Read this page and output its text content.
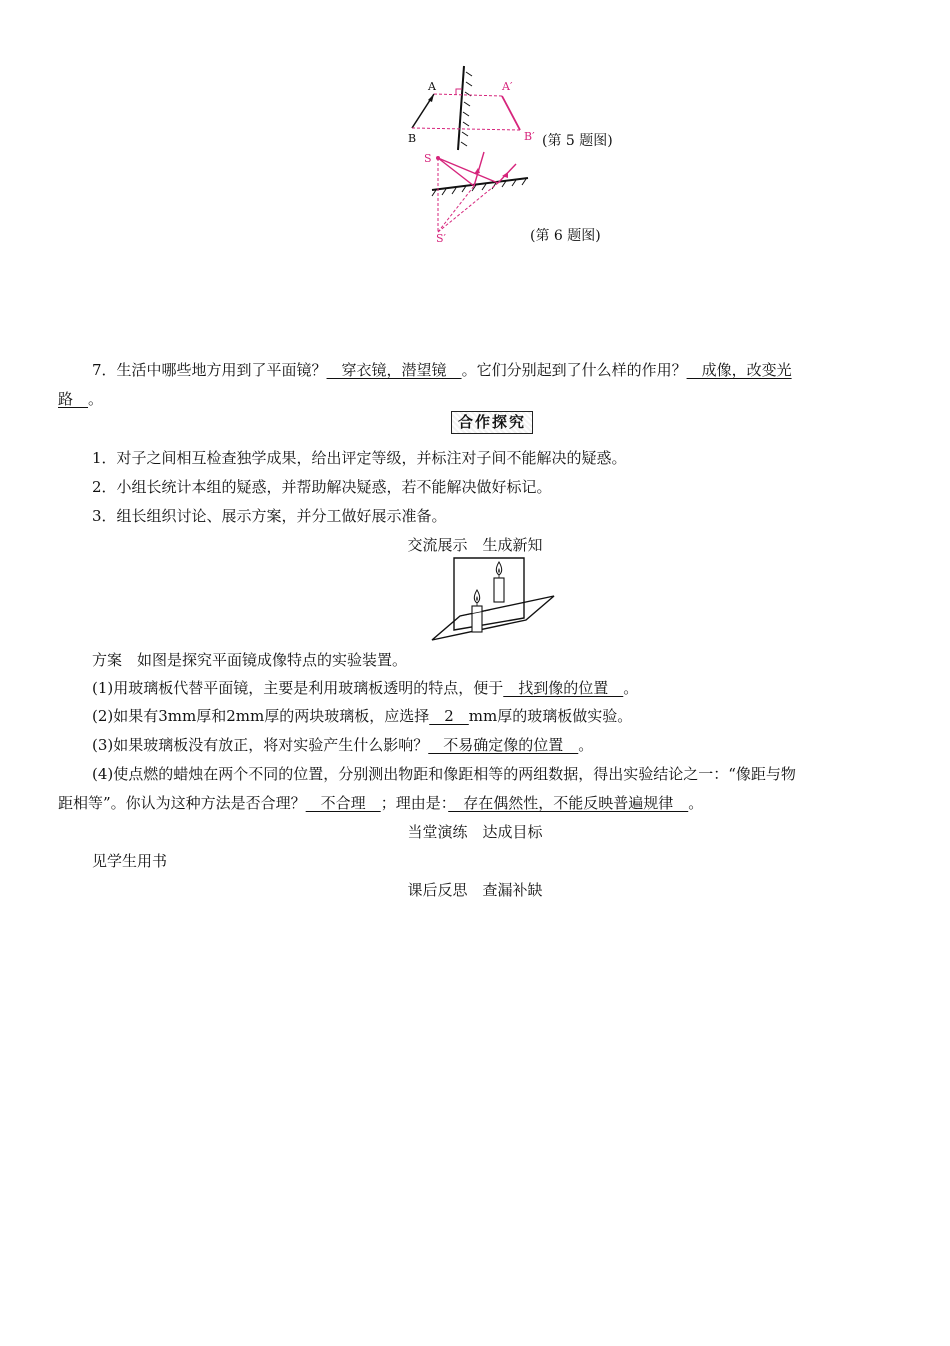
A
B
A′
B′ (第 5 题图)
S
S′	(第 6 题图)
7．生活中哪些地方用到了平面镜？　穿衣镜，潜望镜　。它们分别起到了什么样的作用？　成像，改变光
路　。
合作探究
1．对子之间相互检查独学成果，给出评定等级，并标注对子间不能解决的疑惑。
2．小组长统计本组的疑惑，并帮助解决疑惑，若不能解决做好标记。
3．组长组织讨论、展示方案，并分工做好展示准备。
交流展示　生成新知
方案　如图是探究平面镜成像特点的实验装置。
(1)用玻璃板代替平面镜，主要是利用玻璃板透明的特点，便于　找到像的位置　。
(2)如果有3mm厚和2mm厚的两块玻璃板，应选择　2　mm厚的玻璃板做实验。
(3)如果玻璃板没有放正，将对实验产生什么影响？　不易确定像的位置　。
(4)使点燃的蜡烛在两个不同的位置，分别测出物距和像距相等的两组数据，得出实验结论之一：“像距与物
距相等”。你认为这种方法是否合理？　不合理　；理由是：　存在偶然性，不能反映普遍规律　。
当堂演练　达成目标
见学生用书
课后反思　查漏补缺
